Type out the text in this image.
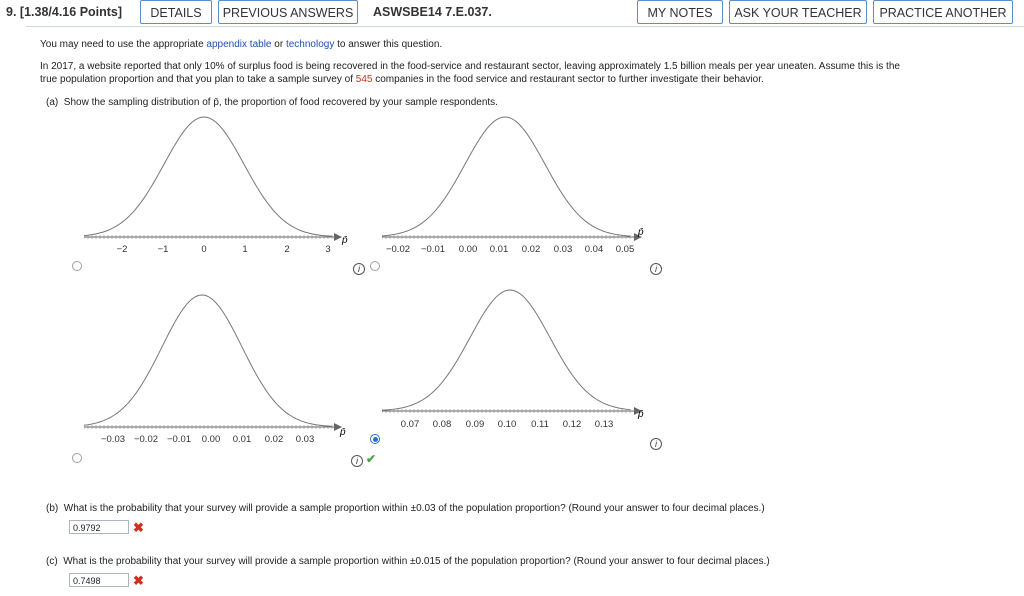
9. [1.38/4.16 Points]	DETAILS	PREVIOUS ANSWERS	ASWSBE14 7.E.037.	MY NOTES	ASK YOUR TEACHER	PRACTICE ANOTHER
You may need to use the appropriate appendix table or technology to answer this question.
In 2017, a website reported that only 10% of surplus food is being recovered in the food-service and restaurant sector, leaving approximately 1.5 billion meals per year uneaten. Assume this is the
true population proportion and that you plan to take a sample survey of 545 companies in the food service and restaurant sector to further investigate their behavior.
(a) Show the sampling distribution of p̄, the proportion of food recovered by your sample respondents.
−2	−1	0	1	2	3
p̄
i
−0.02 −0.01 0.00 0.01 0.02 0.03 0.04 0.05
p̄
i
−0.03 −0.02 −0.01 0.00 0.01 0.02 0.03
p̄
i ✔
0.07 0.08 0.09 0.10 0.11 0.12 0.13
p̄
i
(b) What is the probability that your survey will provide a sample proportion within ±0.03 of the population proportion? (Round your answer to four decimal places.)
0.9792	✖
(c) What is the probability that your survey will provide a sample proportion within ±0.015 of the population proportion? (Round your answer to four decimal places.)
0.7498	✖
